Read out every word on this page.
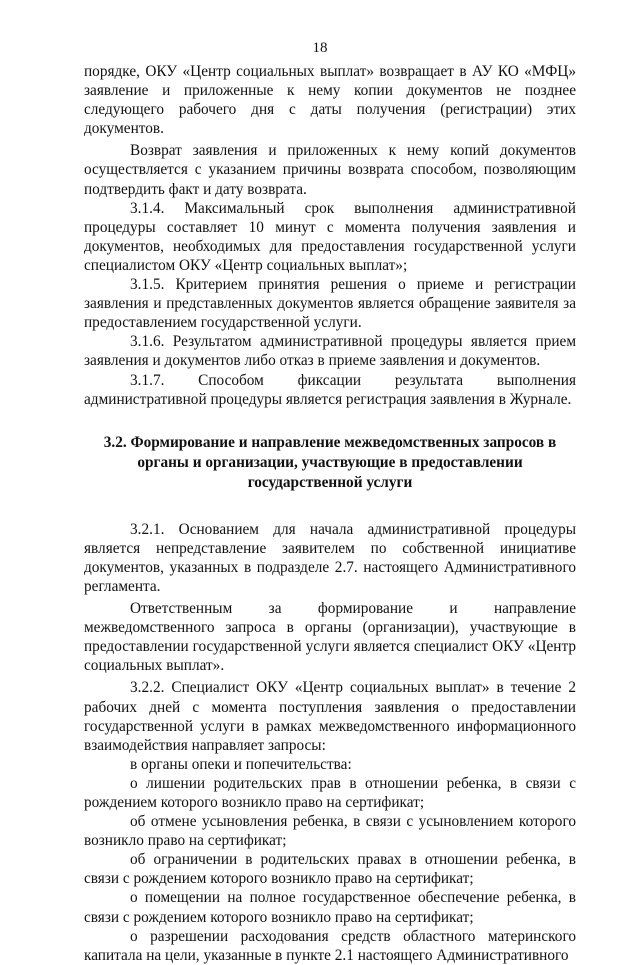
18

порядке, ОКУ «Центр социальных выплат» возвращает в АУ КО «МФЦ» заявление и приложенные к нему копии документов не позднее следующего рабочего дня с даты получения (регистрации) этих документов.

Возврат заявления и приложенных к нему копий документов осуществляется с указанием причины возврата способом, позволяющим подтвердить факт и дату возврата.

3.1.4. Максимальный срок выполнения административной процедуры составляет 10 минут с момента получения заявления и документов, необходимых для предоставления государственной услуги специалистом ОКУ «Центр социальных выплат»;

3.1.5. Критерием принятия решения о приеме и регистрации заявления и представленных документов является обращение заявителя за предоставлением государственной услуги.

3.1.6. Результатом административной процедуры является прием заявления и документов либо отказ в приеме заявления и документов.

3.1.7. Способом фиксации результата выполнения административной процедуры является регистрация заявления в Журнале.

3.2. Формирование и направление межведомственных запросов в органы и организации, участвующие в предоставлении государственной услуги

3.2.1. Основанием для начала административной процедуры является непредставление заявителем по собственной инициативе документов, указанных в подразделе 2.7. настоящего Административного регламента.

Ответственным за формирование и направление межведомственного запроса в органы (организации), участвующие в предоставлении государственной услуги является специалист ОКУ «Центр социальных выплат».

3.2.2. Специалист ОКУ «Центр социальных выплат» в течение 2 рабочих дней с момента поступления заявления о предоставлении государственной услуги в рамках межведомственного информационного взаимодействия направляет запросы:

в органы опеки и попечительства:

о лишении родительских прав в отношении ребенка, в связи с рождением которого возникло право на сертификат;

об отмене усыновления ребенка, в связи с усыновлением которого возникло право на сертификат;

об ограничении в родительских правах в отношении ребенка, в связи с рождением которого возникло право на сертификат;

о помещении на полное государственное обеспечение ребенка, в связи с рождением которого возникло право на сертификат;

о разрешении расходования средств областного материнского капитала на цели, указанные в пункте 2.1 настоящего Административного
